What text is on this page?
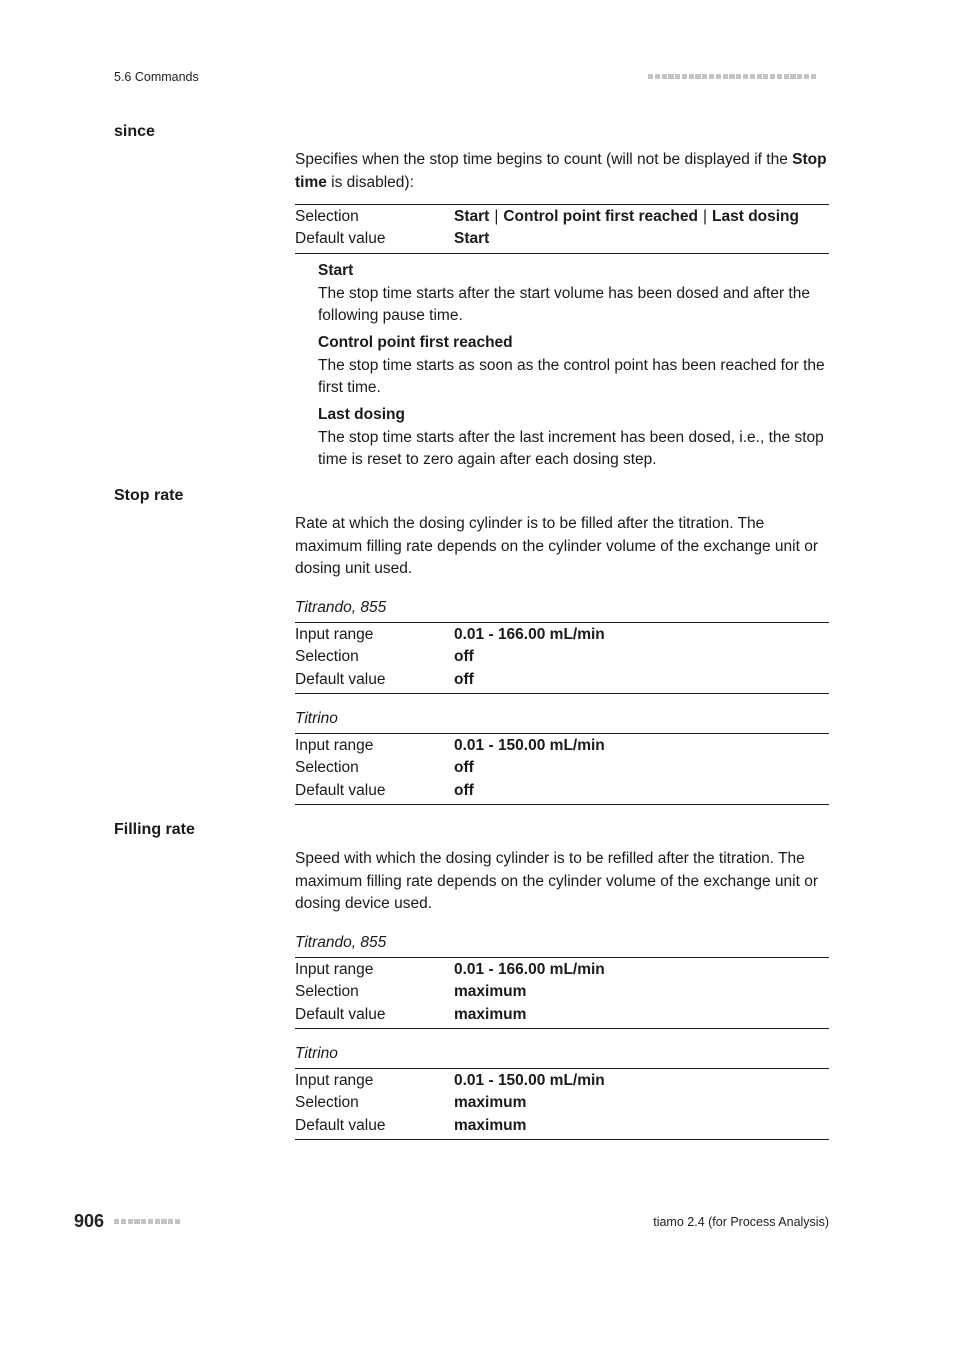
5.6 Commands
since
Specifies when the stop time begins to count (will not be displayed if the Stop time is disabled):
Selection	Start | Control point first reached | Last dosing
Default value	Start
Start
The stop time starts after the start volume has been dosed and after the following pause time.
Control point first reached
The stop time starts as soon as the control point has been reached for the first time.
Last dosing
The stop time starts after the last increment has been dosed, i.e., the stop time is reset to zero again after each dosing step.
Stop rate
Rate at which the dosing cylinder is to be filled after the titration. The maximum filling rate depends on the cylinder volume of the exchange unit or dosing unit used.
Titrando, 855
Input range	0.01 - 166.00 mL/min
Selection	off
Default value	off
Titrino
Input range	0.01 - 150.00 mL/min
Selection	off
Default value	off
Filling rate
Speed with which the dosing cylinder is to be refilled after the titration. The maximum filling rate depends on the cylinder volume of the exchange unit or dosing device used.
Titrando, 855
Input range	0.01 - 166.00 mL/min
Selection	maximum
Default value	maximum
Titrino
Input range	0.01 - 150.00 mL/min
Selection	maximum
Default value	maximum
906	tiamo 2.4 (for Process Analysis)
